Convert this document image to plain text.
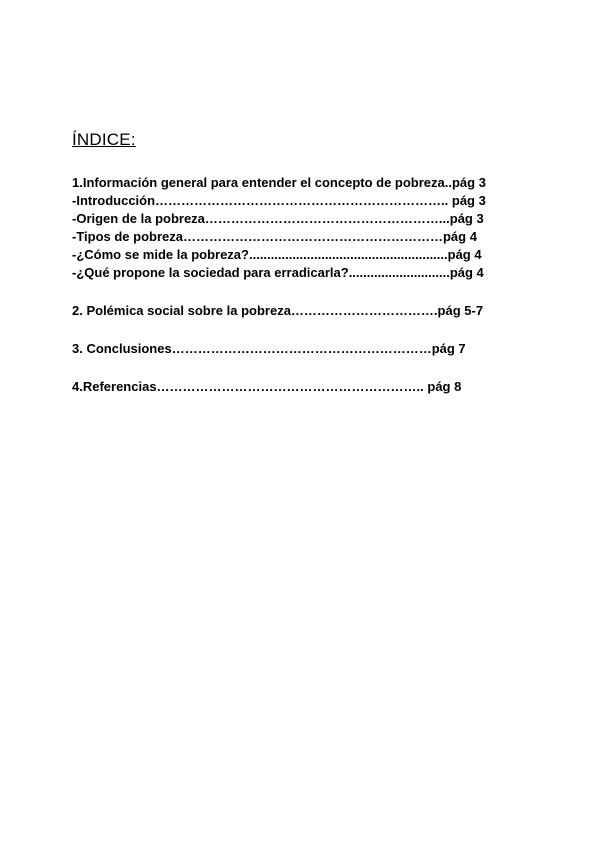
ÍNDICE:

1.Información general para entender el concepto de pobreza..pág 3

-Introducción………………………………………………………….. pág 3

-Origen de la pobreza………………………………………………...pág 3

-Tipos de pobreza……………………………………………………pág 4

-¿Cómo se mide la pobreza?.......................................................pág 4

-¿Qué propone la sociedad para erradicarla?............................pág 4

2. Polémica social sobre la pobreza…………………………….pág 5-7

3. Conclusiones……………………………………………………pág 7

4.Referencias…………………………………………………….. pág 8
